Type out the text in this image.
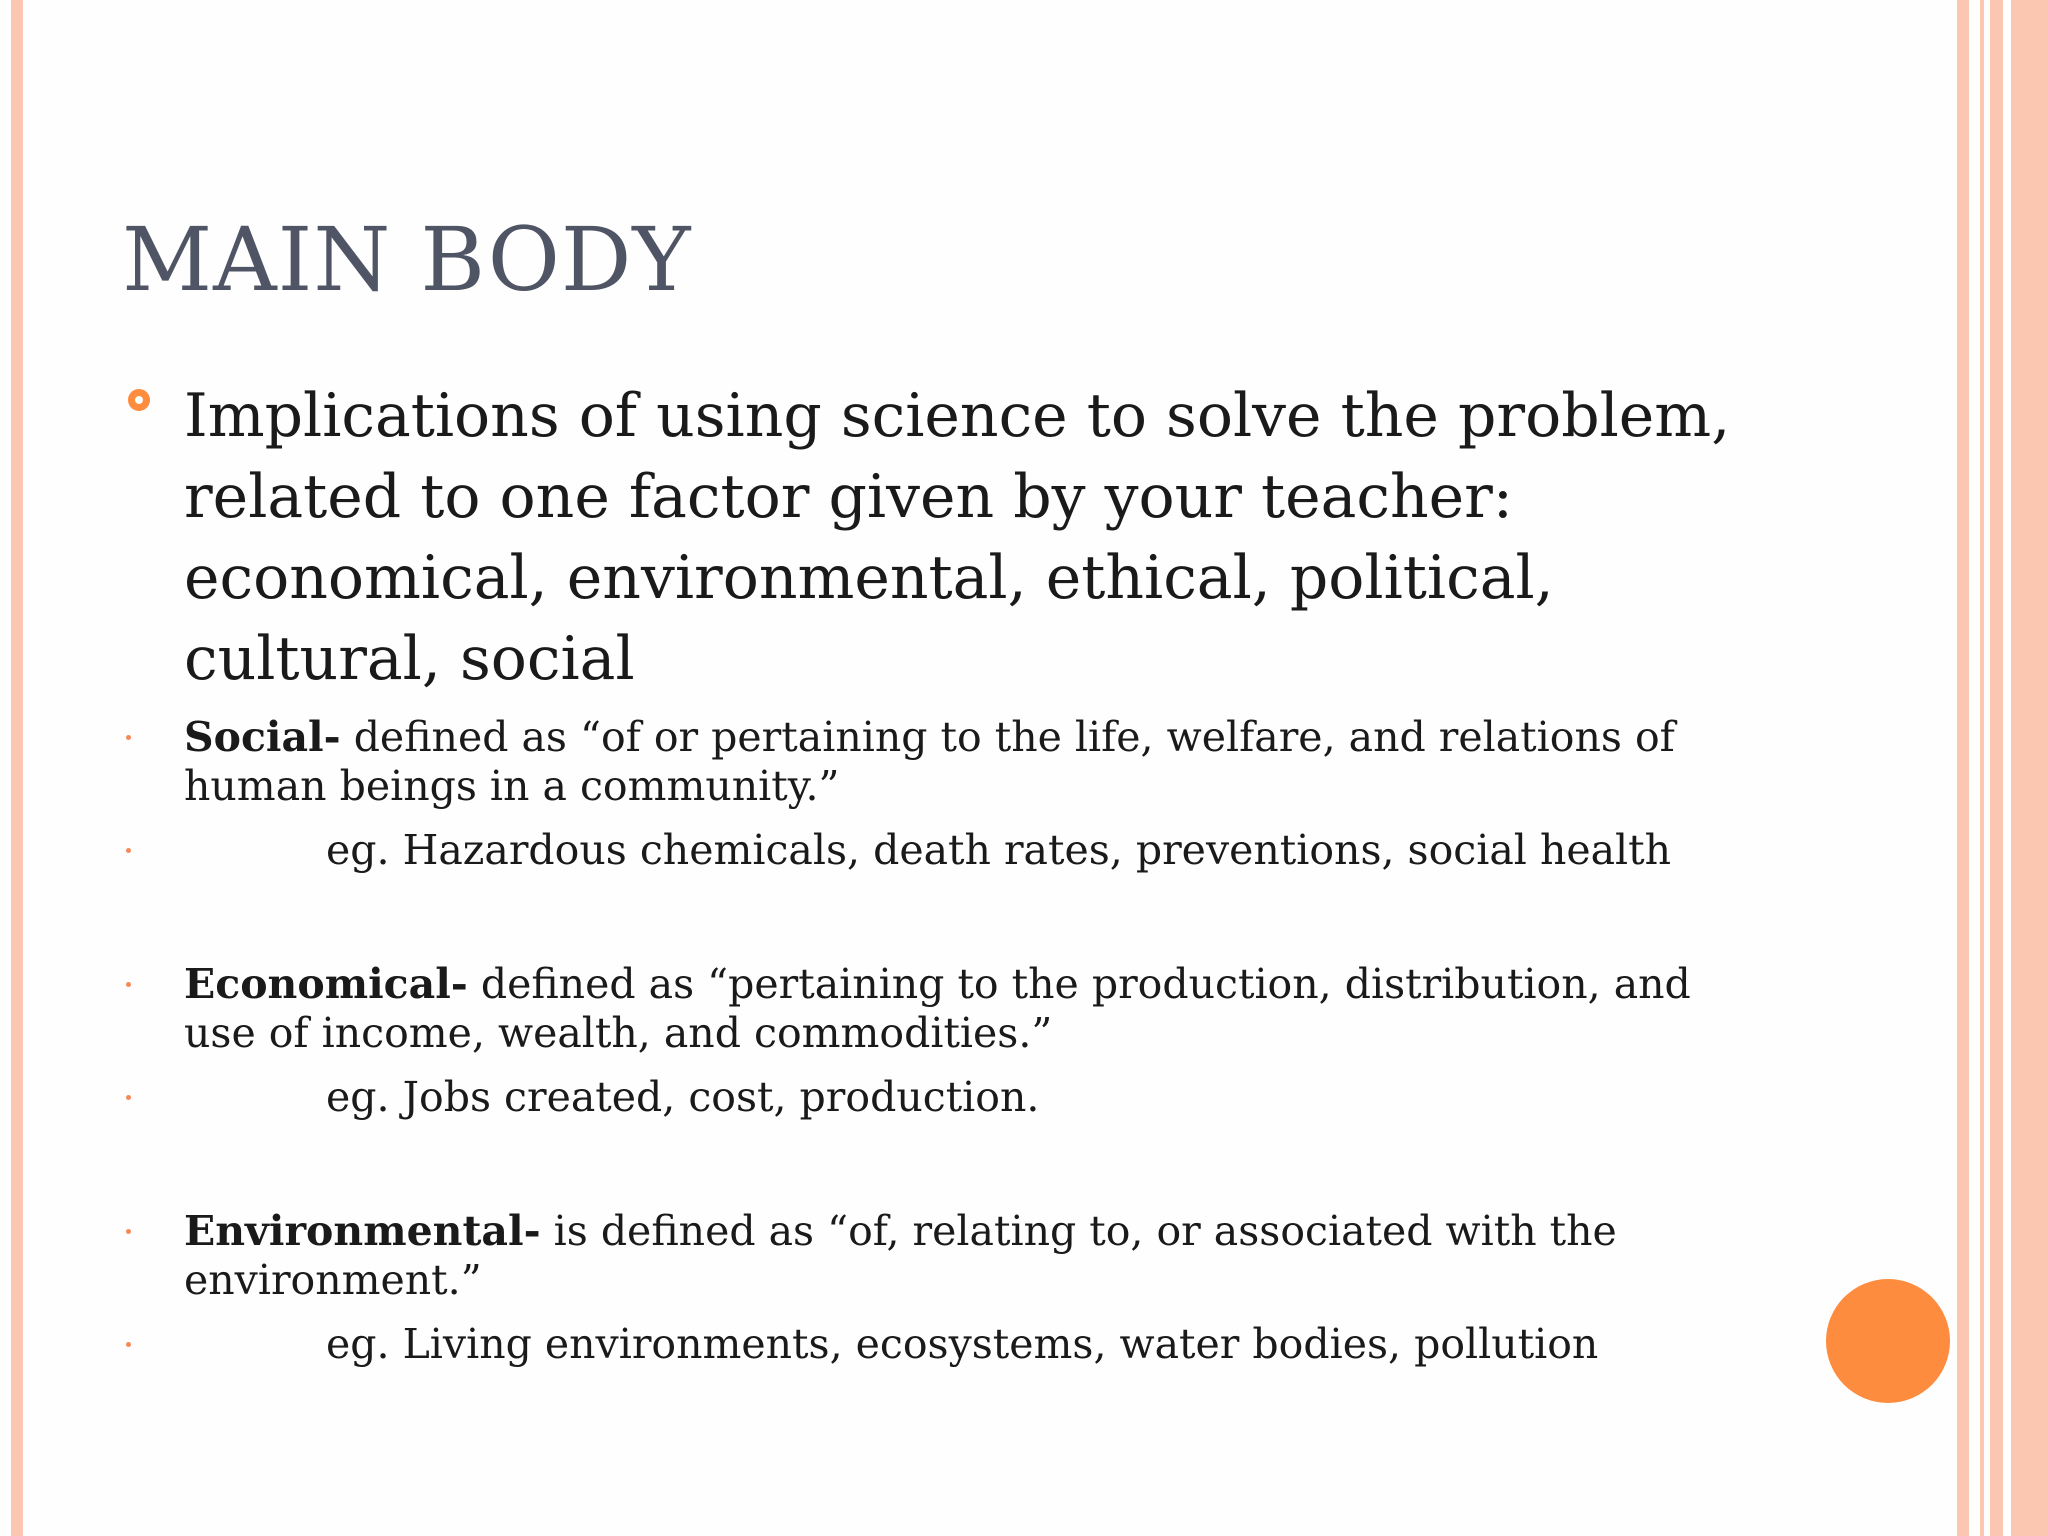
MAIN BODY

Implications of using science to solve the problem, related to one factor given by your teacher: economical, environmental, ethical, political, cultural, social

Social- defined as “of or pertaining to the life, welfare, and relations of human beings in a community.”

eg. Hazardous chemicals, death rates, preventions, social health

Economical- defined as “pertaining to the production, distribution, and use of income, wealth, and commodities.”

eg. Jobs created, cost, production.

Environmental- is defined as “of, relating to, or associated with the environment.”

eg. Living environments, ecosystems, water bodies, pollution
